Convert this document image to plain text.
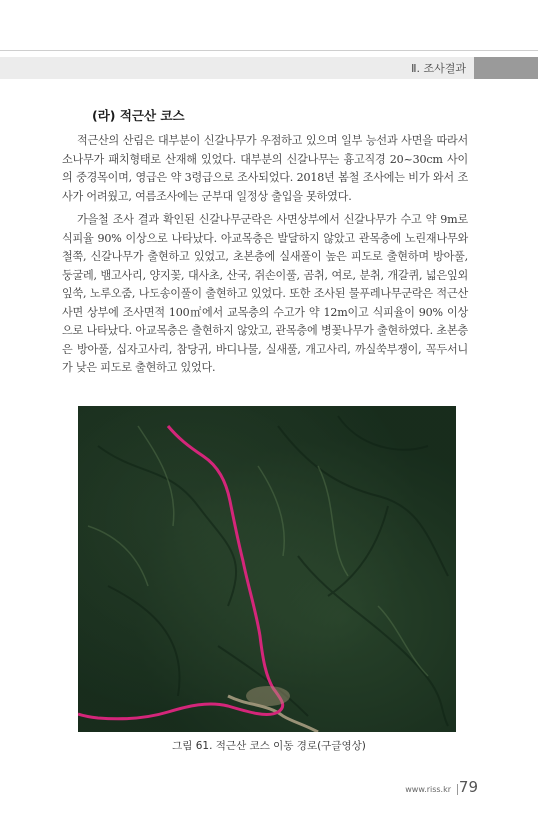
Ⅱ. 조사결과
(라) 적근산 코스

적근산의 산림은 대부분이 신갈나무가 우점하고 있으며 일부 능선과 사면을 따라서 소나무가 패치형태로 산재해 있었다. 대부분의 신갈나무는 흉고직경 20~30cm 사이의 중경목이며, 영급은 약 3령급으로 조사되었다. 2018년 봄철 조사에는 비가 와서 조사가 어려웠고, 여름조사에는 군부대 일정상 출입을 못하였다.

가을철 조사 결과 확인된 신갈나무군락은 사면상부에서 신갈나무가 수고 약 9m로 식피율 90% 이상으로 나타났다. 아교목층은 발달하지 않았고 관목층에 노린재나무와 철쭉, 신갈나무가 출현하고 있었고, 초본층에 실새풀이 높은 피도로 출현하며 방아풀, 둥굴레, 뱀고사리, 양지꽃, 대사초, 산국, 쥐손이풀, 곰취, 여로, 분취, 개갈퀴, 넓은잎외잎쑥, 노루오줌, 나도송이풀이 출현하고 있었다. 또한 조사된 물푸레나무군락은 적근산 사면 상부에 조사면적 100㎡에서 교목층의 수고가 약 12m이고 식피율이 90% 이상으로 나타났다. 아교목층은 출현하지 않았고, 관목층에 병꽃나무가 출현하였다. 초본층은 방아풀, 십자고사리, 참당귀, 바디나물, 실새풀, 개고사리, 까실쑥부쟁이, 꼭두서니가 낮은 피도로 출현하고 있었다.

그림 61. 적근산 코스 이동 경로(구글영상)
www.riss.kr 79
